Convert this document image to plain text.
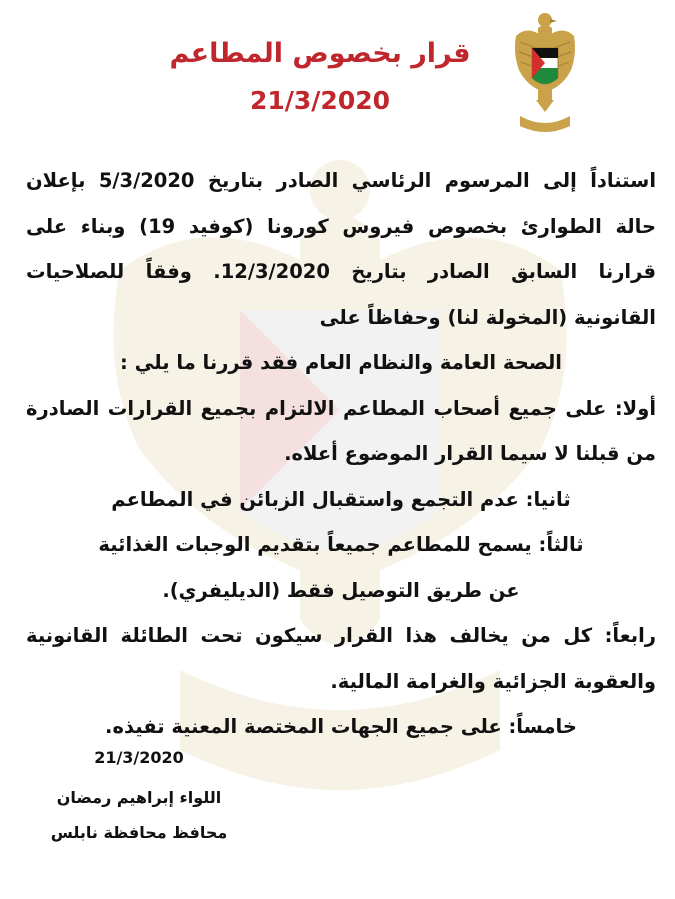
قرار بخصوص المطاعم
21/3/2020

استناداً إلى المرسوم الرئاسي الصادر بتاريخ 5/3/2020 بإعلان حالة الطوارئ بخصوص فيروس كورونا (كوفيد 19) وبناء على قرارنا السابق الصادر بتاريخ 12/3/2020. وفقاً للصلاحيات القانونية (المخولة لنا) وحفاظاً على

الصحة العامة والنظام العام فقد قررنا ما يلي :

أولا: على جميع أصحاب المطاعم الالتزام بجميع القرارات الصادرة من قبلنا لا سيما القرار الموضوع أعلاه.

ثانيا: عدم التجمع واستقبال الزبائن في المطاعم

ثالثاً: يسمح للمطاعم جميعاً بتقديم الوجبات الغذائية

عن طريق التوصيل فقط (الديليفري).

رابعاً: كل من يخالف هذا القرار سيكون تحت الطائلة القانونية والعقوبة الجزائية والغرامة المالية.

خامساً: على جميع الجهات المختصة المعنية تفيذه.

21/3/2020
اللواء إبراهيم رمضان
محافظ محافظة نابلس
